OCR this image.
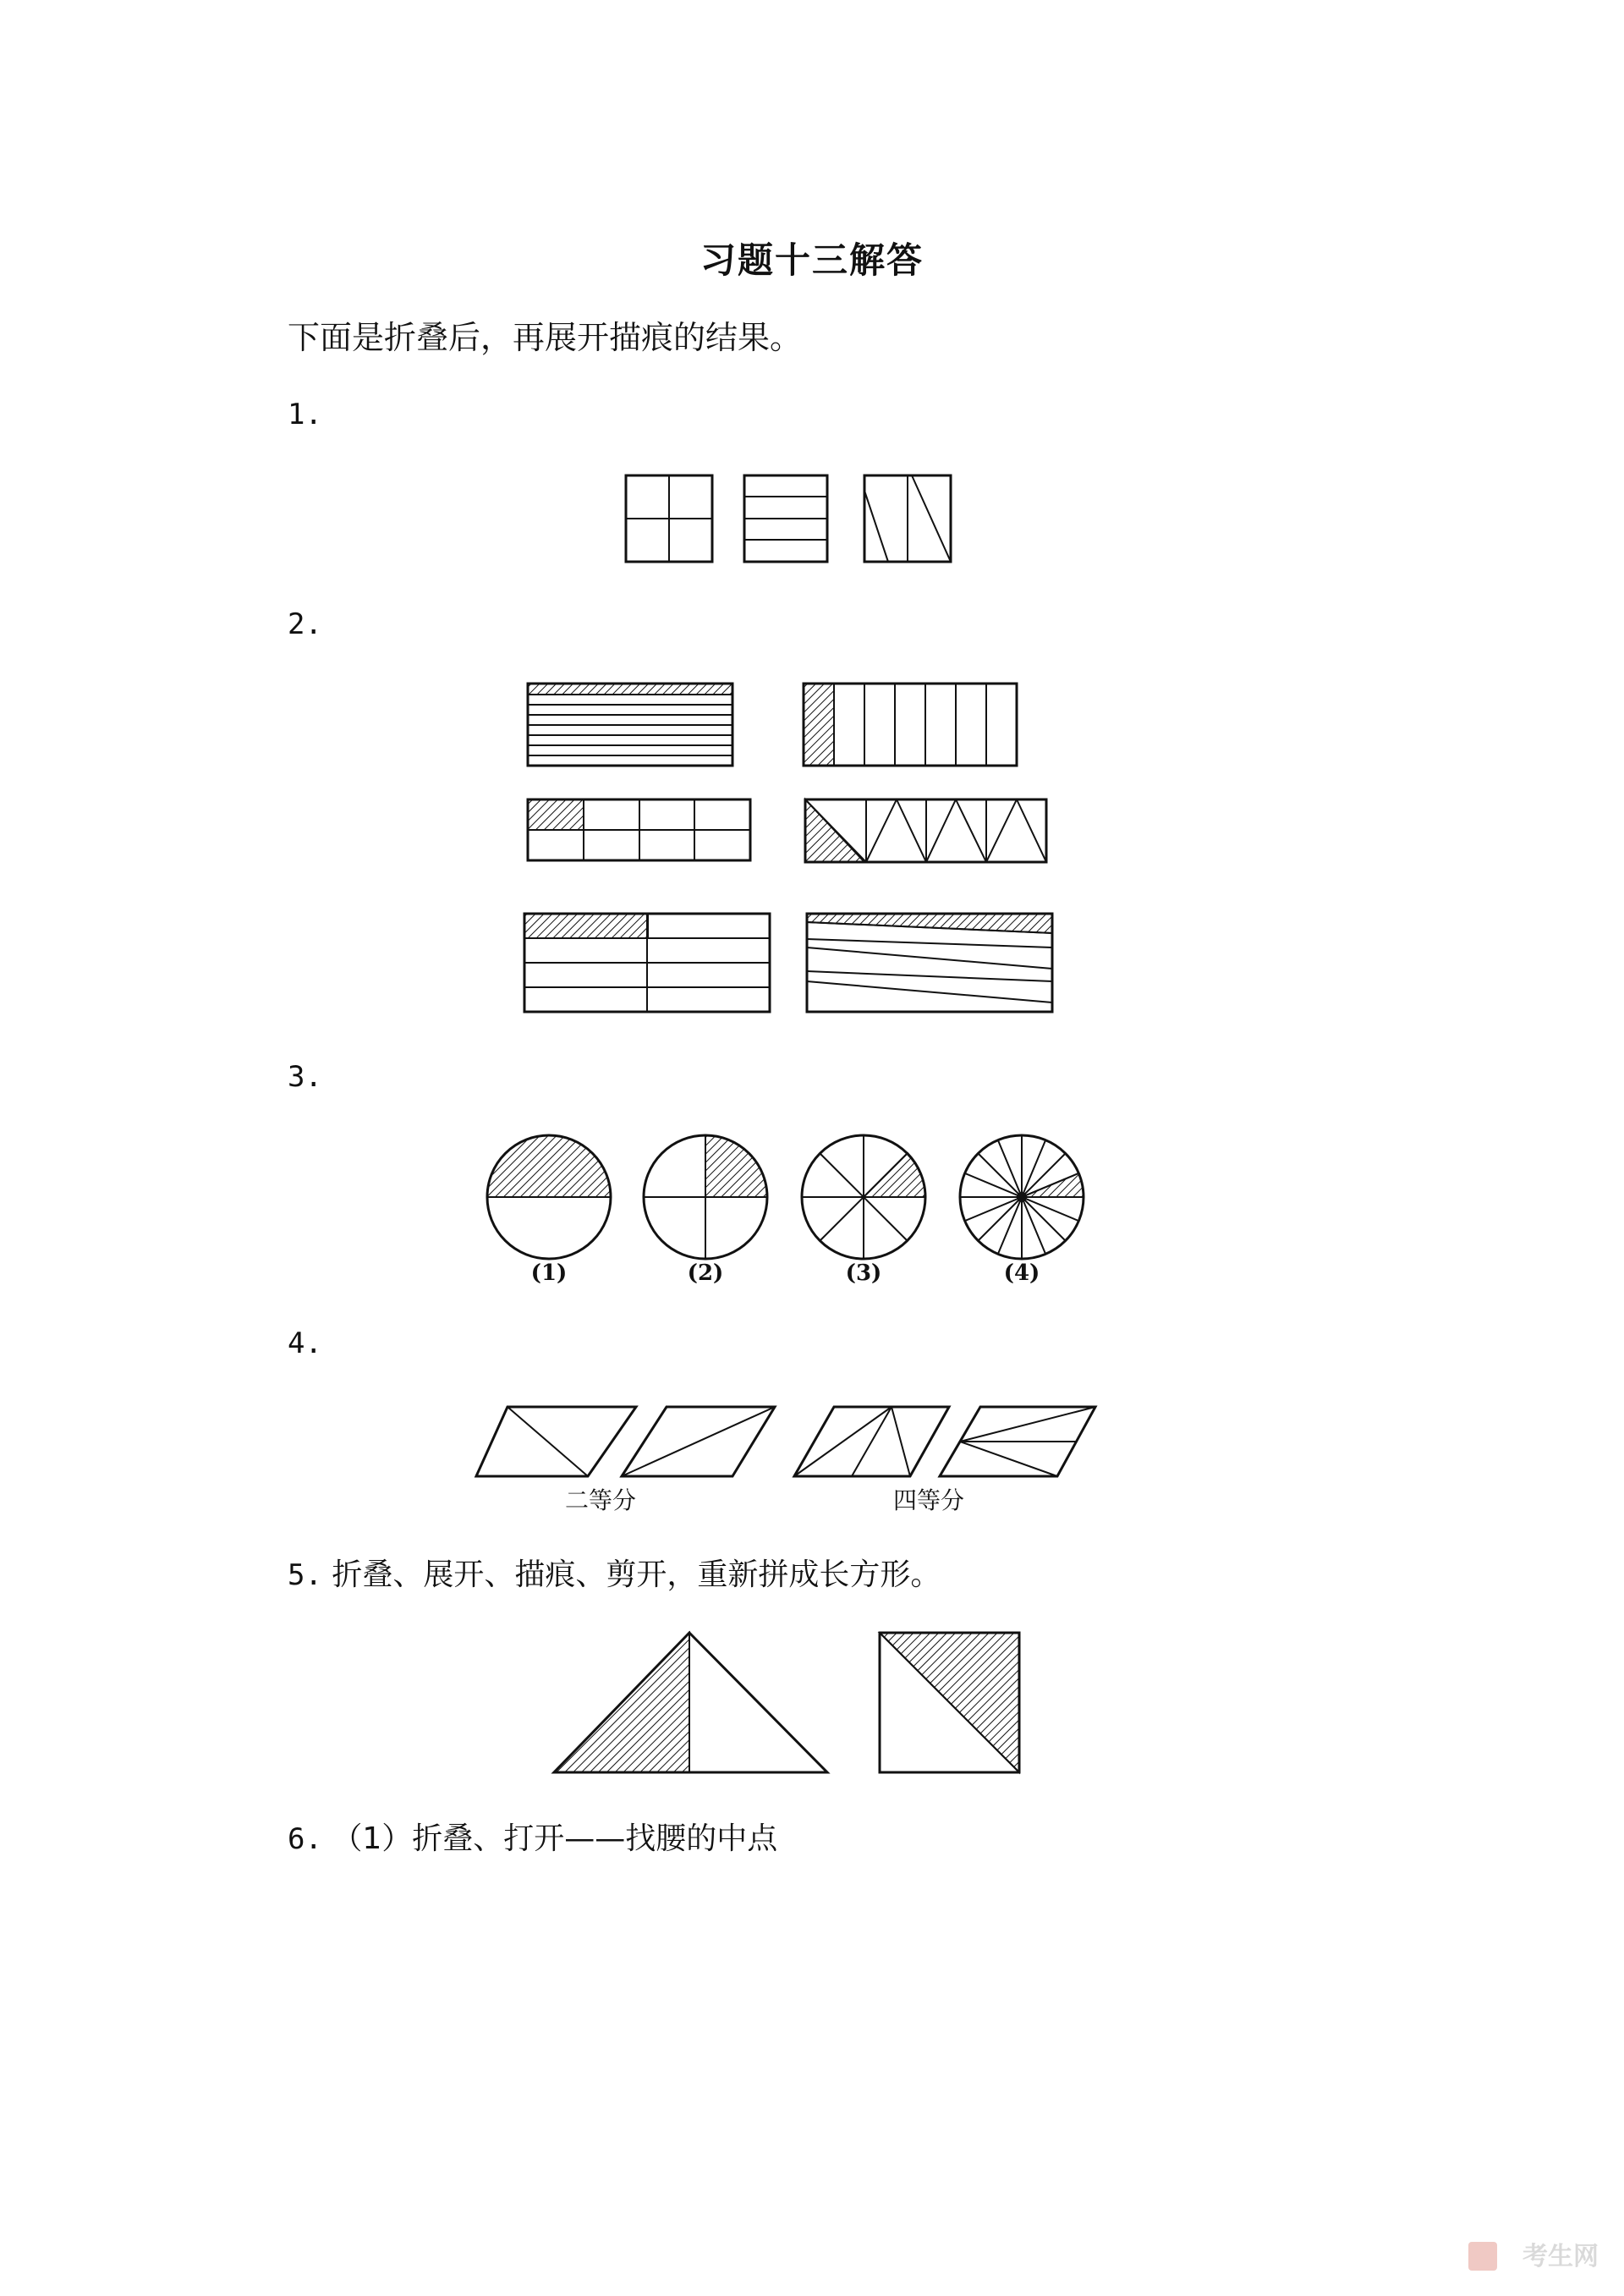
习题十三解答
下面是折叠后，再展开描痕的结果。
1.
2.
3.
4.
5. 折叠、展开、描痕、剪开，重新拼成长方形。
6. （1）折叠、打开——找腰的中点
(1)	(2)	(3)	(4)
二等分	四等分
考生网
